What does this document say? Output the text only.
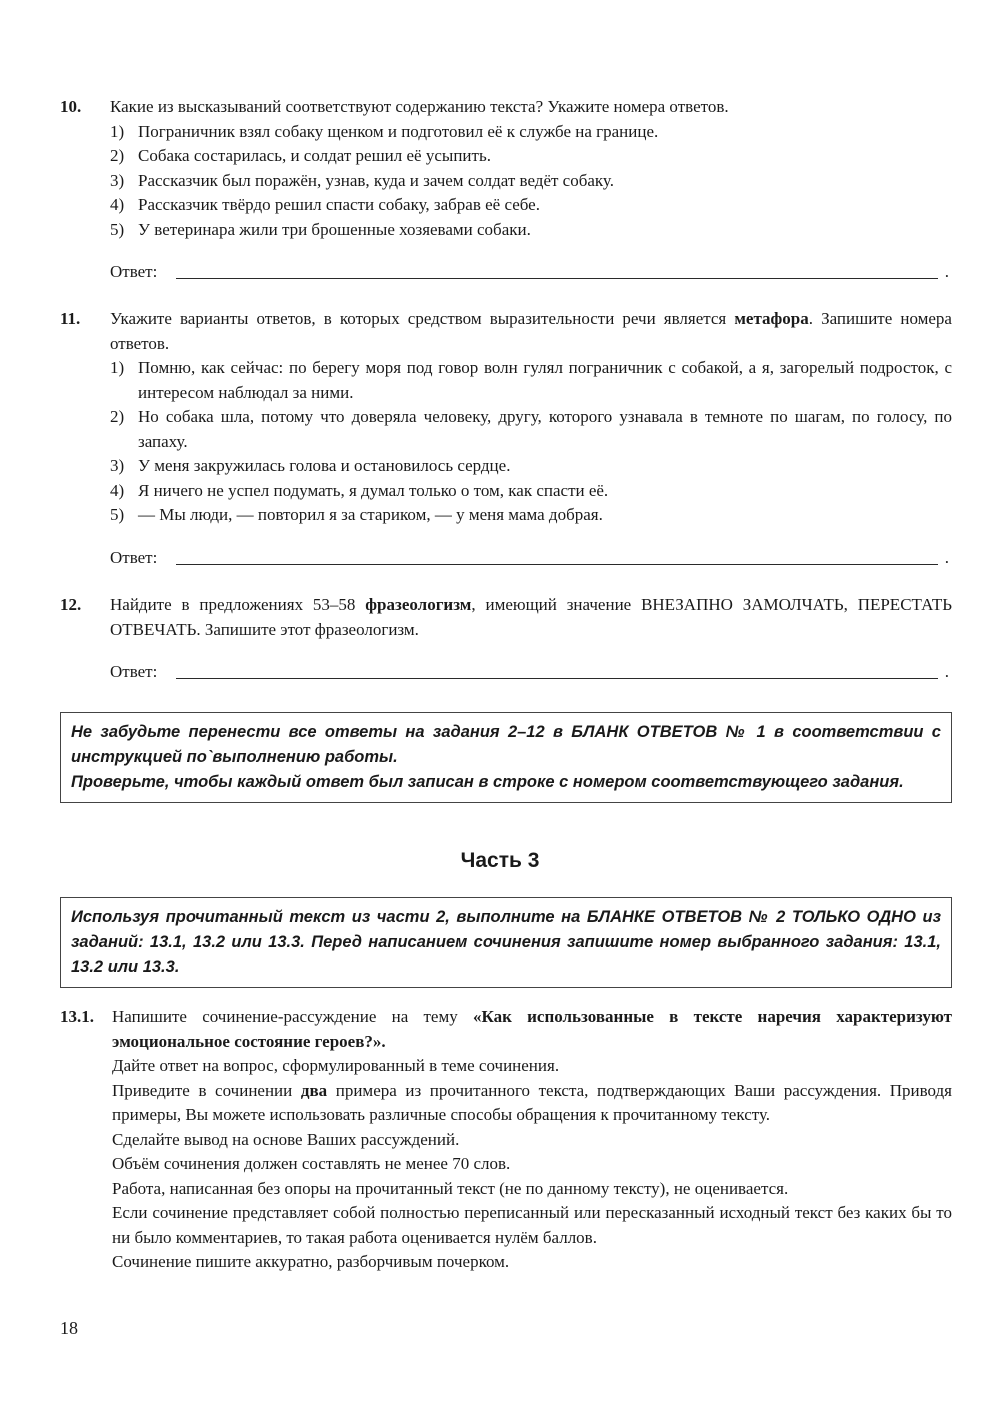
10. Какие из высказываний соответствуют содержанию текста? Укажите номера ответов.
1) Пограничник взял собаку щенком и подготовил её к службе на границе.
2) Собака состарилась, и солдат решил её усыпить.
3) Рассказчик был поражён, узнав, куда и зачем солдат ведёт собаку.
4) Рассказчик твёрдо решил спасти собаку, забрав её себе.
5) У ветеринара жили три брошенные хозяевами собаки.
Ответ:	.
11. Укажите варианты ответов, в которых средством выразительности речи является метафора. Запишите номера ответов.
1) Помню, как сейчас: по берегу моря под говор волн гулял пограничник с собакой, а я, загорелый подросток, с интересом наблюдал за ними.
2) Но собака шла, потому что доверяла человеку, другу, которого узнавала в темноте по шагам, по голосу, по запаху.
3) У меня закружилась голова и остановилось сердце.
4) Я ничего не успел подумать, я думал только о том, как спасти её.
5) — Мы люди, — повторил я за стариком, — у меня мама добрая.
Ответ:	.
12. Найдите в предложениях 53–58 фразеологизм, имеющий значение ВНЕЗАПНО ЗАМОЛЧАТЬ, ПЕРЕСТАТЬ ОТВЕЧАТЬ. Запишите этот фразеологизм.
Ответ:	.

Не забудьте перенести все ответы на задания 2–12 в БЛАНК ОТВЕТОВ № 1 в соответствии с инструкцией по`выполнению работы.

Проверьте, чтобы каждый ответ был записан в строке с номером соответствующего задания.

Часть 3

Используя прочитанный текст из части 2, выполните на БЛАНКЕ ОТВЕТОВ № 2 ТОЛЬКО ОДНО из заданий: 13.1, 13.2 или 13.3. Перед написанием сочинения запишите номер выбранного задания: 13.1, 13.2 или 13.3.

13.1. Напишите сочинение-рассуждение на тему «Как использованные в тексте наречия характеризуют эмоциональное состояние героев?».

Дайте ответ на вопрос, сформулированный в теме сочинения.

Приведите в сочинении два примера из прочитанного текста, подтверждающих Ваши рассуждения. Приводя примеры, Вы можете использовать различные способы обращения к прочитанному тексту.

Сделайте вывод на основе Ваших рассуждений.

Объём сочинения должен составлять не менее 70 слов.

Работа, написанная без опоры на прочитанный текст (не по данному тексту), не оценивается.

Если сочинение представляет собой полностью переписанный или пересказанный исходный текст без каких бы то ни было комментариев, то такая работа оценивается нулём баллов.

Сочинение пишите аккуратно, разборчивым почерком.

18
